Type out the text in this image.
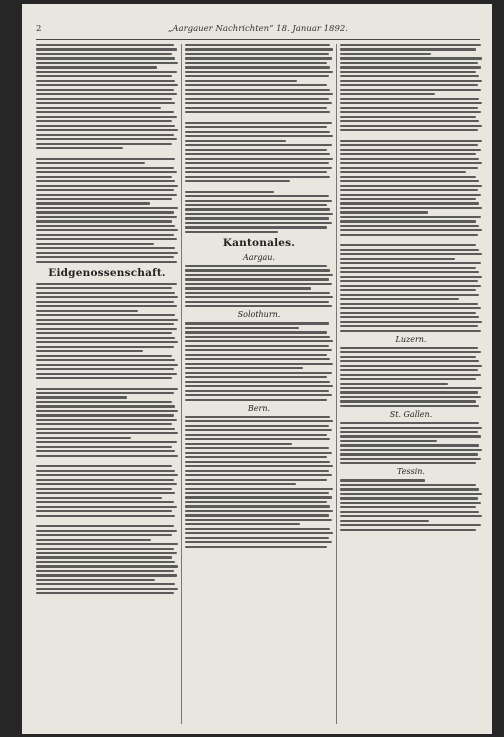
2	„Aargauer Nachrichten“ 18. Januar 1892.
Eidgenossenschaft.
Kantonales.
Aargau.
Solothurn.
Bern.
Luzern.
St. Gallen.
Tessin.
